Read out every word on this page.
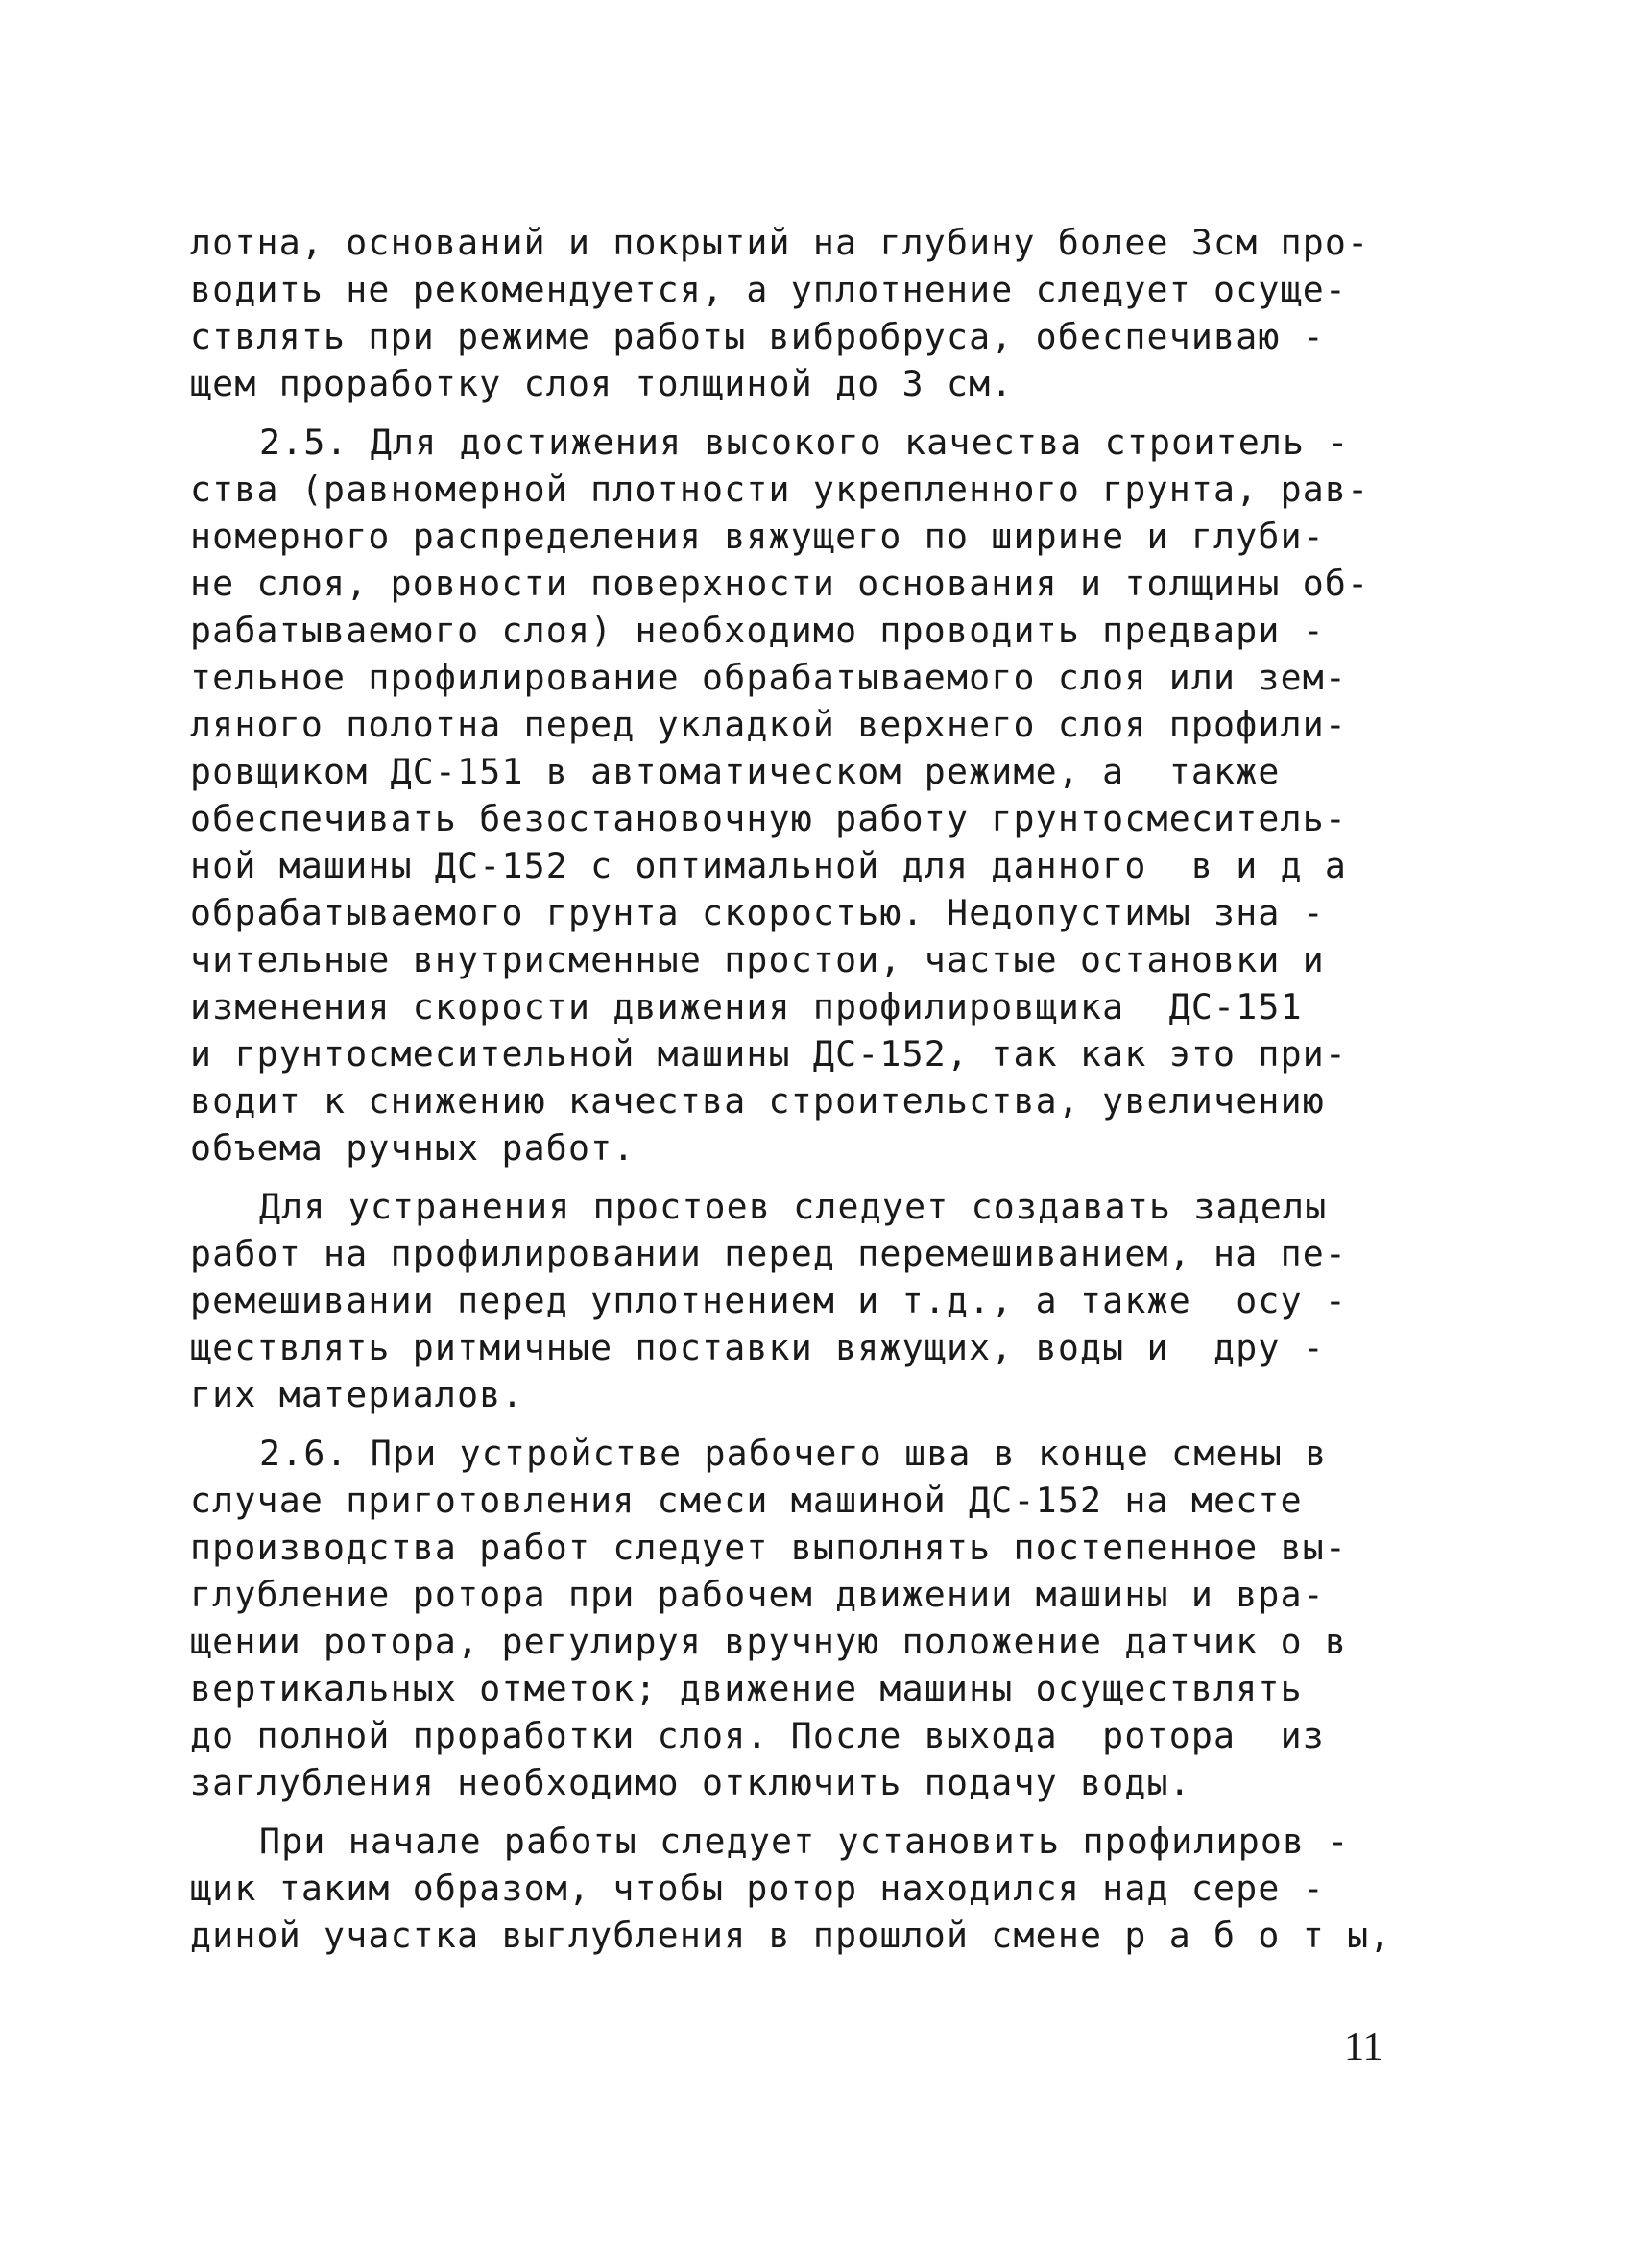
лотна, оснований и покрытий на глубину более 3см про-
водить не рекомендуется, а уплотнение следует осуще-
ствлять при режиме работы вибробруса, обеспечиваю -
щем проработку слоя толщиной до 3 см.
2.5. Для достижения высокого качества строитель -
ства (равномерной плотности укрепленного грунта, рав-
номерного распределения вяжущего по ширине и глуби-
не слоя, ровности поверхности основания и толщины об-
рабатываемого слоя) необходимо проводить предвари -
тельное профилирование обрабатываемого слоя или зем-
ляного полотна перед укладкой верхнего слоя профили-
ровщиком ДС-151 в автоматическом режиме, а  также
обеспечивать безостановочную работу грунтосмеситель-
ной машины ДС-152 с оптимальной для данного  в и д а
обрабатываемого грунта скоростью. Недопустимы зна -
чительные внутрисменные простои, частые остановки и
изменения скорости движения профилировщика  ДС-151
и грунтосмесительной машины ДС-152, так как это при-
водит к снижению качества строительства, увеличению
объема ручных работ.
Для устранения простоев следует создавать заделы
работ на профилировании перед перемешиванием, на пе-
ремешивании перед уплотнением и т.д., а также  осу -
ществлять ритмичные поставки вяжущих, воды и  дру -
гих материалов.
2.6. При устройстве рабочего шва в конце смены в
случае приготовления смеси машиной ДС-152 на месте
производства работ следует выполнять постепенное вы-
глубление ротора при рабочем движении машины и вра-
щении ротора, регулируя вручную положение датчик о в
вертикальных отметок; движение машины осуществлять
до полной проработки слоя. После выхода  ротора  из
заглубления необходимо отключить подачу воды.
При начале работы следует установить профилиров -
щик таким образом, чтобы ротор находился над сере -
диной участка выглубления в прошлой смене р а б о т ы,
11
